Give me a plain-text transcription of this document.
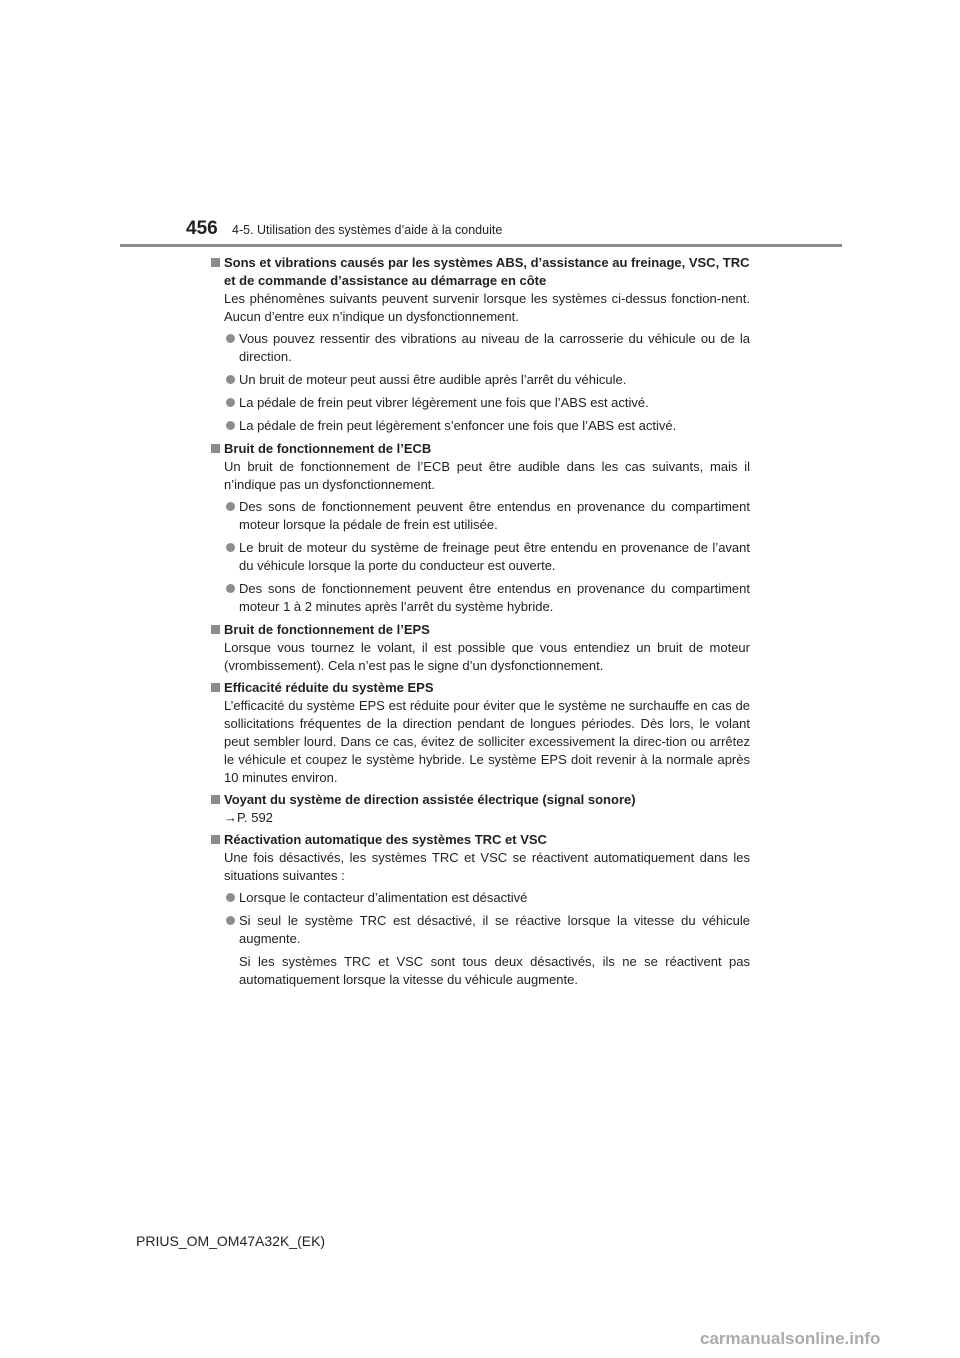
456 4-5. Utilisation des systèmes d’aide à la conduite
Sons et vibrations causés par les systèmes ABS, d’assistance au freinage, VSC, TRC et de commande d’assistance au démarrage en côte
Les phénomènes suivants peuvent survenir lorsque les systèmes ci-dessus fonction-nent. Aucun d’entre eux n’indique un dysfonctionnement.
Vous pouvez ressentir des vibrations au niveau de la carrosserie du véhicule ou de la direction.
Un bruit de moteur peut aussi être audible après l’arrêt du véhicule.
La pédale de frein peut vibrer légèrement une fois que l’ABS est activé.
La pédale de frein peut légèrement s’enfoncer une fois que l’ABS est activé.
Bruit de fonctionnement de l’ECB
Un bruit de fonctionnement de l’ECB peut être audible dans les cas suivants, mais il n’indique pas un dysfonctionnement.
Des sons de fonctionnement peuvent être entendus en provenance du compartiment moteur lorsque la pédale de frein est utilisée.
Le bruit de moteur du système de freinage peut être entendu en provenance de l’avant du véhicule lorsque la porte du conducteur est ouverte.
Des sons de fonctionnement peuvent être entendus en provenance du compartiment moteur 1 à 2 minutes après l’arrêt du système hybride.
Bruit de fonctionnement de l’EPS
Lorsque vous tournez le volant, il est possible que vous entendiez un bruit de moteur (vrombissement). Cela n’est pas le signe d’un dysfonctionnement.
Efficacité réduite du système EPS
L’efficacité du système EPS est réduite pour éviter que le système ne surchauffe en cas de sollicitations fréquentes de la direction pendant de longues périodes. Dès lors, le volant peut sembler lourd. Dans ce cas, évitez de solliciter excessivement la direc-tion ou arrêtez le véhicule et coupez le système hybride. Le système EPS doit revenir à la normale après 10 minutes environ.
Voyant du système de direction assistée électrique (signal sonore)
→P. 592
Réactivation automatique des systèmes TRC et VSC
Une fois désactivés, les systèmes TRC et VSC se réactivent automatiquement dans les situations suivantes :
Lorsque le contacteur d’alimentation est désactivé
Si seul le système TRC est désactivé, il se réactive lorsque la vitesse du véhicule augmente.
Si les systèmes TRC et VSC sont tous deux désactivés, ils ne se réactivent pas automatiquement lorsque la vitesse du véhicule augmente.
PRIUS_OM_OM47A32K_(EK)
carmanualsonline.info
